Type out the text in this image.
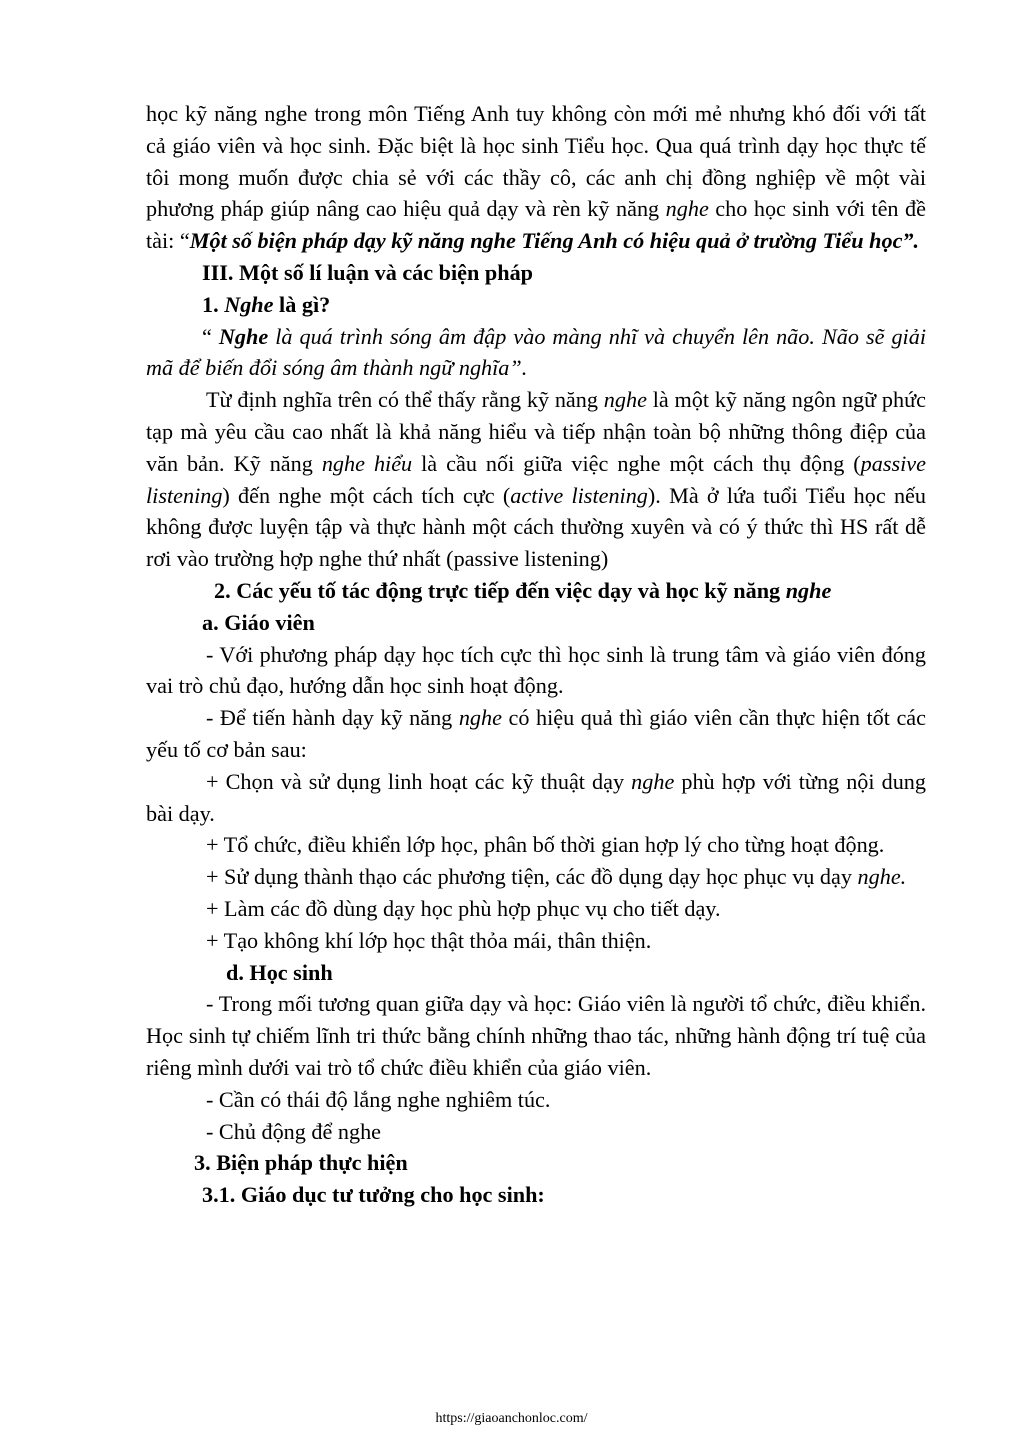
học kỹ năng nghe trong môn Tiếng Anh tuy không còn mới mẻ nhưng khó đối với tất cả giáo viên và học sinh. Đặc biệt là học sinh Tiểu học. Qua quá trình dạy học thực tế tôi mong muốn được chia sẻ với các thầy cô, các anh chị đồng nghiệp về một vài phương pháp giúp nâng cao hiệu quả dạy và rèn kỹ năng nghe cho học sinh với tên đề tài: “Một số biện pháp dạy kỹ năng nghe Tiếng Anh có hiệu quả ở trường Tiểu học”.

III. Một số lí luận và các biện pháp

1. Nghe là gì?

“ Nghe là quá trình sóng âm đập vào màng nhĩ và chuyển lên não. Não sẽ giải mã để biến đổi sóng âm thành ngữ nghĩa”.

Từ định nghĩa trên có thể thấy rằng kỹ năng nghe là một kỹ năng ngôn ngữ phức tạp mà yêu cầu cao nhất là khả năng hiểu và tiếp nhận toàn bộ những thông điệp của văn bản. Kỹ năng nghe hiểu là cầu nối giữa việc nghe một cách thụ động (passive listening) đến nghe một cách tích cực (active listening). Mà ở lứa tuổi Tiểu học nếu không được luyện tập và thực hành một cách thường xuyên và có ý thức thì HS rất dễ rơi vào trường hợp nghe thứ nhất (passive listening)

2. Các yếu tố tác động trực tiếp đến việc dạy và học kỹ năng nghe

a. Giáo viên

- Với phương pháp dạy học tích cực thì học sinh là trung tâm và giáo viên đóng vai trò chủ đạo, hướng dẫn học sinh hoạt động.

- Để tiến hành dạy kỹ năng nghe có hiệu quả thì giáo viên cần thực hiện tốt các yếu tố cơ bản sau:

+ Chọn và sử dụng linh hoạt các kỹ thuật dạy nghe phù hợp với từng nội dung bài dạy.

+ Tổ chức, điều khiển lớp học, phân bố thời gian hợp lý cho từng hoạt động.

+ Sử dụng thành thạo các phương tiện, các đồ dụng dạy học phục vụ dạy nghe.

+ Làm các đồ dùng dạy học phù hợp phục vụ cho tiết dạy.

+ Tạo không khí lớp học thật thỏa mái, thân thiện.

d. Học sinh

- Trong mối tương quan giữa dạy và học: Giáo viên là người tổ chức, điều khiển. Học sinh tự chiếm lĩnh tri thức bằng chính những thao tác, những hành động trí tuệ của riêng mình dưới vai trò tổ chức điều khiển của giáo viên.

- Cần có thái độ lắng nghe nghiêm túc.

- Chủ động để nghe

3. Biện pháp thực hiện

3.1. Giáo dục tư tưởng cho học sinh:

https://giaoanchonloc.com/
